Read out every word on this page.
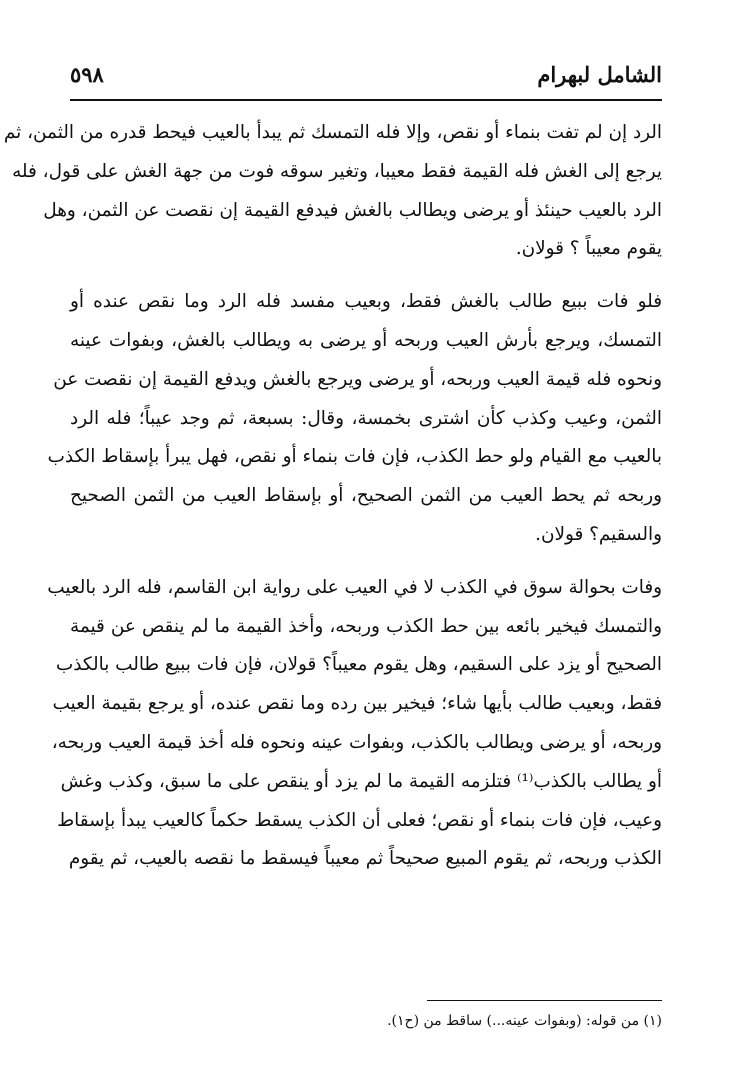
الشامل لبهرام
٥٩٨

الرد إن لم تفت بنماء أو نقص، وإلا فله التمسك ثم يبدأ بالعيب فيحط قدره من الثمن، ثم
يرجع إلى الغش فله القيمة فقط معيبا، وتغير سوقه فوت من جهة الغش على قول، فله
الرد بالعيب حينئذ أو يرضى ويطالب بالغش فيدفع القيمة إن نقصت عن الثمن، وهل
يقوم معيباً ؟ قولان.

فلو فات ببيع طالب بالغش فقط، وبعيب مفسد فله الرد وما نقص عنده أو
التمسك، ويرجع بأرش العيب وربحه أو يرضى به ويطالب بالغش، وبفوات عينه
ونحوه فله قيمة العيب وربحه، أو يرضى ويرجع بالغش ويدفع القيمة إن نقصت عن
الثمن، وعيب وكذب كأن اشترى بخمسة، وقال: بسبعة، ثم وجد عيباً؛ فله الرد
بالعيب مع القيام ولو حط الكذب، فإن فات بنماء أو نقص، فهل يبرأ بإسقاط الكذب
وربحه ثم يحط العيب من الثمن الصحيح، أو بإسقاط العيب من الثمن الصحيح
والسقيم؟ قولان.

وفات بحوالة سوق في الكذب لا في العيب على رواية ابن القاسم، فله الرد بالعيب
والتمسك فيخير بائعه بين حط الكذب وربحه، وأخذ القيمة ما لم ينقص عن قيمة
الصحيح أو يزد على السقيم، وهل يقوم معيباً؟ قولان، فإن فات ببيع طالب بالكذب
فقط، وبعيب طالب بأيها شاء؛ فيخير بين رده وما نقص عنده، أو يرجع بقيمة العيب
وربحه، أو يرضى ويطالب بالكذب، وبفوات عينه ونحوه فله أخذ قيمة العيب وربحه،
أو يطالب بالكذب⁽¹⁾ فتلزمه القيمة ما لم يزد أو ينقص على ما سبق، وكذب وغش
وعيب، فإن فات بنماء أو نقص؛ فعلى أن الكذب يسقط حكماً كالعيب يبدأ بإسقاط
الكذب وربحه، ثم يقوم المبيع صحيحاً ثم معيباً فيسقط ما نقصه بالعيب، ثم يقوم

(١) من قوله: (وبفوات عينه...) ساقط من (ح١).
